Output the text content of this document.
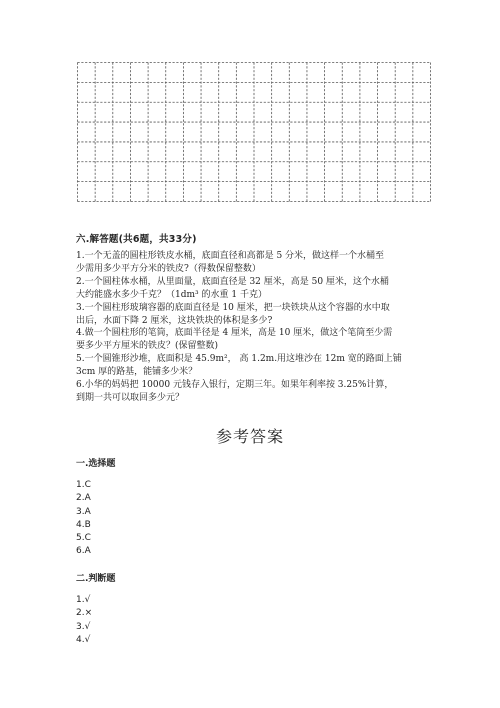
六.解答题(共6题，共33分)
1.一个无盖的圆柱形铁皮水桶，底面直径和高都是 5 分米，做这样一个水桶至
少需用多少平方分米的铁皮?（得数保留整数）
2.一个圆柱体水桶，从里面量，底面直径是 32 厘米，高是 50 厘米，这个水桶
大约能盛水多少千克？（1dm³ 的水重 1 千克）
3.一个圆柱形玻璃容器的底面直径是 10 厘米，把一块铁块从这个容器的水中取
出后，水面下降 2 厘米，这块铁块的体积是多少?
4.做一个圆柱形的笔筒，底面半径是 4 厘米，高是 10 厘米，做这个笔筒至少需
要多少平方厘米的铁皮？(保留整数)
5.一个圆锥形沙堆，底面积是 45.9m²， 高 1.2m.用这堆沙在 12m 宽的路面上铺
3cm 厚的路基，能铺多少米？
6.小华的妈妈把 10000 元钱存入银行，定期三年。如果年利率按 3.25%计算，
到期一共可以取回多少元？
参考答案
一.选择题
1.C
2.A
3.A
4.B
5.C
6.A
二.判断题
1.√
2.×
3.√
4.√
